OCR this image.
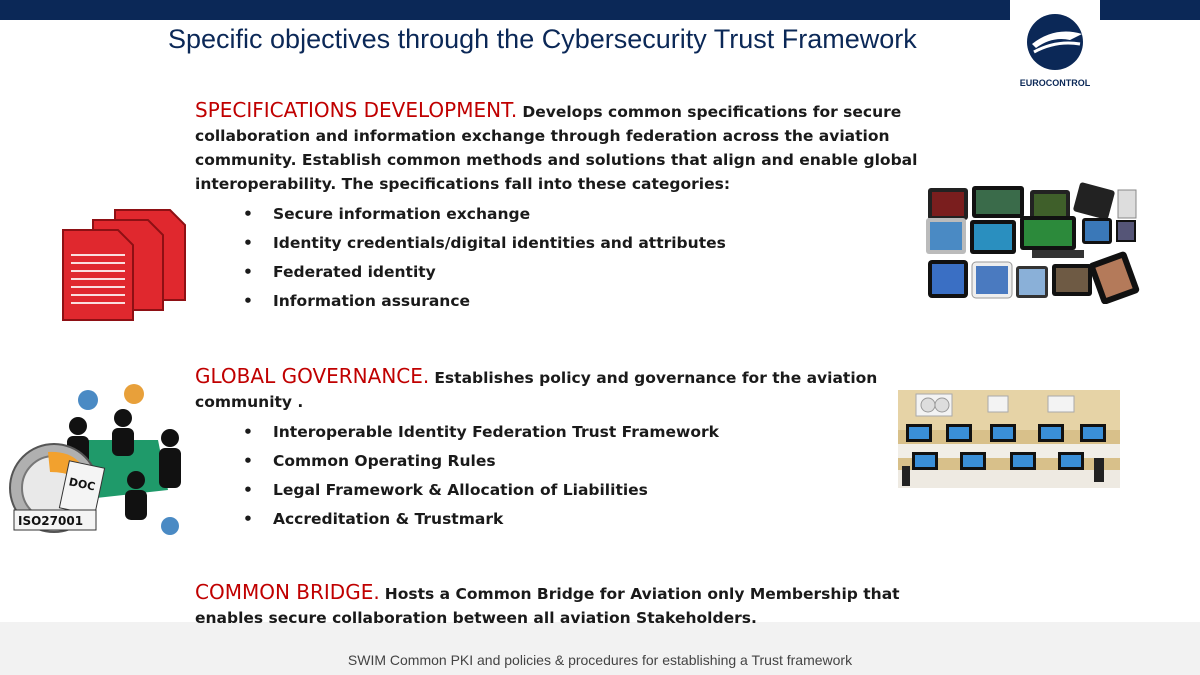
Specific objectives through the Cybersecurity Trust Framework
EUROCONTROL
SPECIFICATIONS DEVELOPMENT. Develops common specifications for secure
collaboration and information exchange through federation across the aviation community. Establish common methods and solutions that align and enable global interoperability. The specifications fall into these categories:
• Secure information exchange
• Identity credentials/digital identities and attributes
• Federated identity
• Information assurance
GLOBAL GOVERNANCE. Establishes policy and governance for the aviation
community .
• Interoperable Identity Federation Trust Framework
• Common Operating Rules
• Legal Framework & Allocation of Liabilities
• Accreditation & Trustmark
COMMON BRIDGE. Hosts a Common Bridge for Aviation only Membership that
enables secure collaboration between all aviation Stakeholders.
SWIM Common PKI and policies & procedures for establishing a Trust framework
DOC
ISO27001
